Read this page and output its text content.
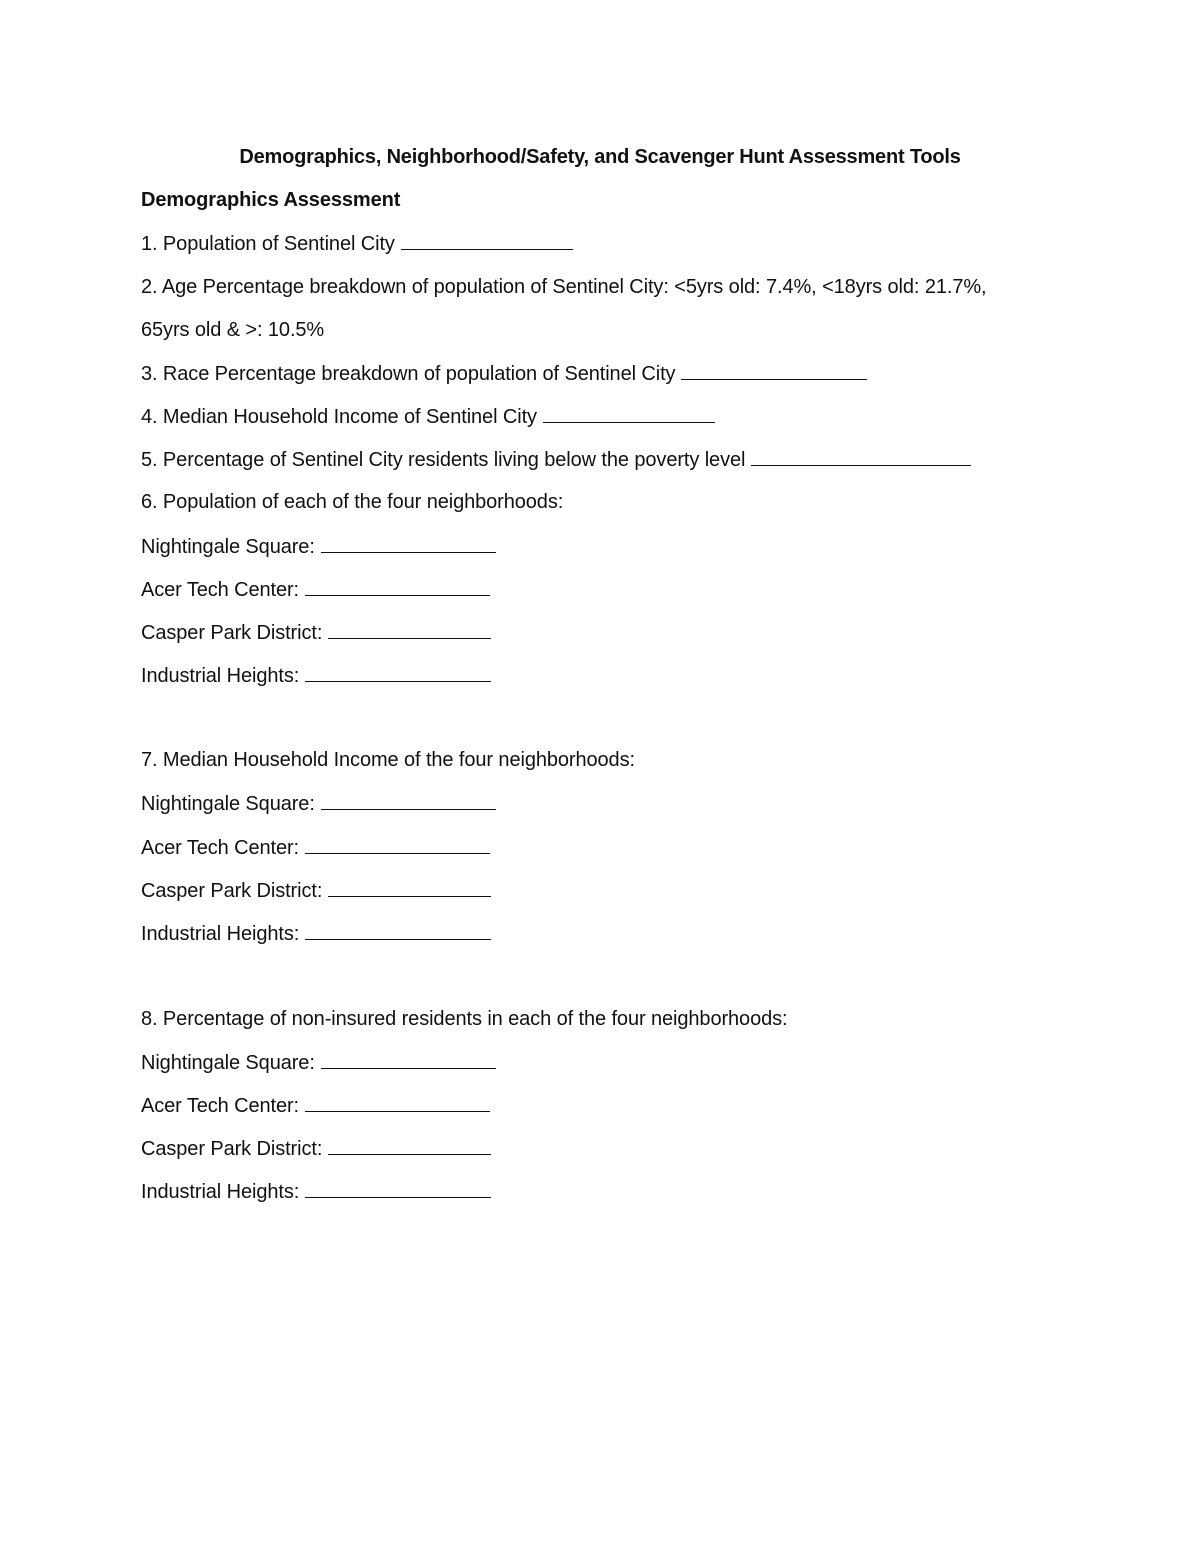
Demographics, Neighborhood/Safety, and Scavenger Hunt Assessment Tools
Demographics Assessment
1. Population of Sentinel City
2. Age Percentage breakdown of population of Sentinel City: <5yrs old: 7.4%, <18yrs old: 21.7%,
65yrs old & >: 10.5%
3. Race Percentage breakdown of population of Sentinel City
4. Median Household Income of Sentinel City
5. Percentage of Sentinel City residents living below the poverty level
6. Population of each of the four neighborhoods:
Nightingale Square:
Acer Tech Center:
Casper Park District:
Industrial Heights:
7. Median Household Income of the four neighborhoods:
Nightingale Square:
Acer Tech Center:
Casper Park District:
Industrial Heights:
8. Percentage of non-insured residents in each of the four neighborhoods:
Nightingale Square:
Acer Tech Center:
Casper Park District:
Industrial Heights:
